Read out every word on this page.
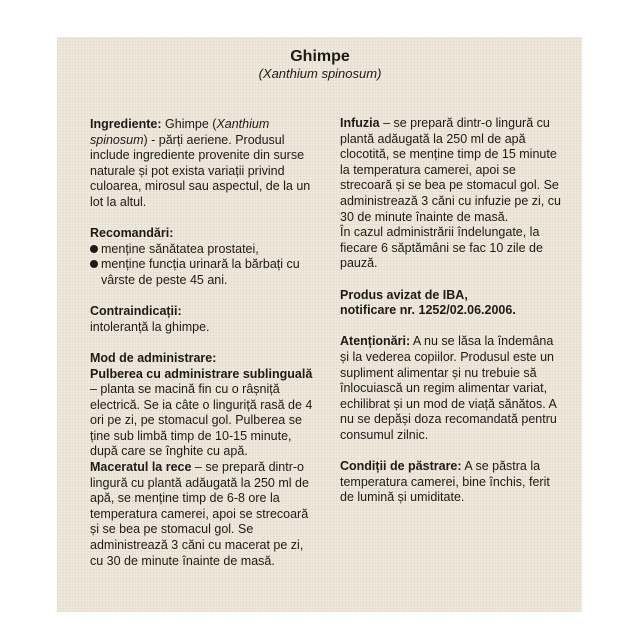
Ghimpe
(Xanthium spinosum)

Ingrediente: Ghimpe (Xanthium spinosum) - părți aeriene. Produsul include ingrediente provenite din surse naturale și pot exista variații privind culoarea, mirosul sau aspectul, de la un lot la altul.

Recomandări:

menține sănătatea prostatei,

menține funcția urinară la bărbați cu vârste de peste 45 ani.

Contraindicații:

intoleranță la ghimpe.

Mod de administrare:

Pulberea cu administrare sublinguală – planta se macină fin cu o râșniță electrică. Se ia câte o linguriță rasă de 4 ori pe zi, pe stomacul gol. Pulberea se ține sub limbă timp de 10-15 minute, după care se înghite cu apă.

Maceratul la rece – se prepară dintr-o lingură cu plantă adăugată la 250 ml de apă, se menține timp de 6-8 ore la temperatura camerei, apoi se strecoară și se bea pe stomacul gol. Se administrează 3 căni cu macerat pe zi, cu 30 de minute înainte de masă.

Infuzia – se prepară dintr-o lingură cu plantă adăugată la 250 ml de apă clocotită, se menține timp de 15 minute la temperatura camerei, apoi se strecoară și se bea pe stomacul gol. Se administrează 3 căni cu infuzie pe zi, cu 30 de minute înainte de masă.

În cazul administrării îndelungate, la fiecare 6 săptămâni se fac 10 zile de pauză.

Produs avizat de IBA,

notificare nr. 1252/02.06.2006.

Atenționări: A nu se lăsa la îndemâna și la vederea copiilor. Produsul este un supliment alimentar și nu trebuie să înlocuiască un regim alimentar variat, echilibrat și un mod de viață sănătos. A nu se depăși doza recomandată pentru consumul zilnic.

Condiții de păstrare: A se păstra la temperatura camerei, bine închis, ferit de lumină și umiditate.
